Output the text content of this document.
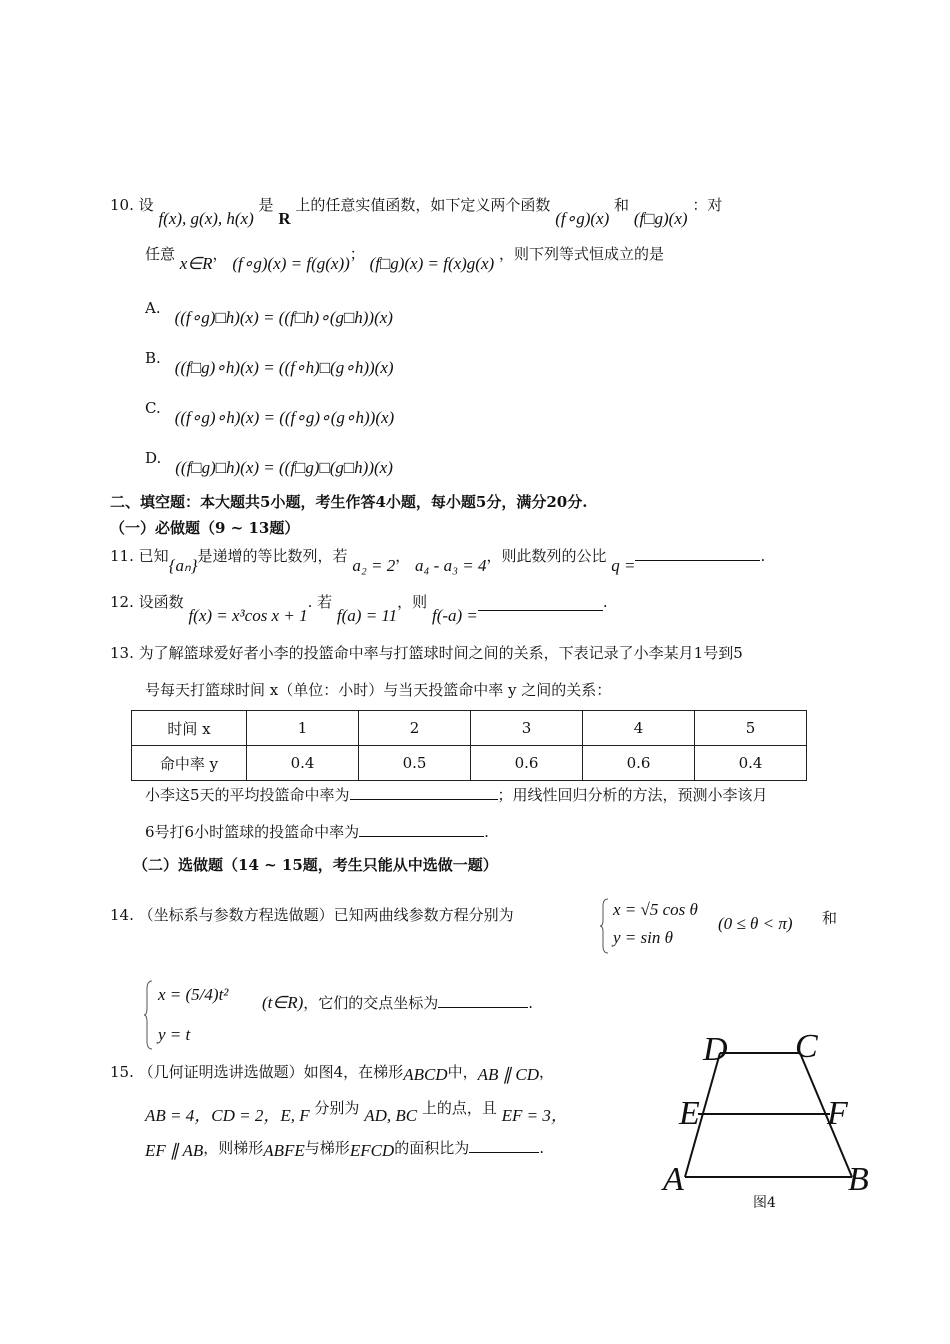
10. 设 f(x), g(x), h(x) 是 R 上的任意实值函数，如下定义两个函数 (f∘g)(x) 和 (f□g)(x) ：对
任意 x∈R， (f∘g)(x) = f(g(x))； (f□g)(x) = f(x)g(x) ，则下列等式恒成立的是
A. ((f∘g)□h)(x) = ((f□h)∘(g□h))(x)
B. ((f□g)∘h)(x) = ((f∘h)□(g∘h))(x)
C. ((f∘g)∘h)(x) = ((f∘g)∘(g∘h))(x)
D. ((f□g)□h)(x) = ((f□g)□(g□h))(x)
二、填空题：本大题共5小题，考生作答4小题，每小题5分，满分20分.
（一）必做题（9 ~ 13题）
11. 已知{aₙ}是递增的等比数列，若 a₂ = 2， a₄ - a₃ = 4，则此数列的公比 q =	.
12. 设函数 f(x) = x³cos x + 1. 若 f(a) = 11，则 f(-a) =.
13. 为了解篮球爱好者小李的投篮命中率与打篮球时间之间的关系，下表记录了小李某月1号到5
号每天打篮球时间 x（单位：小时）与当天投篮命中率 y 之间的关系：
时间 x	1	2	3	4	5
命中率 y	0.4	0.5	0.6	0.6	0.4
小李这5天的平均投篮命中率为	；用线性回归分析的方法，预测小李该月
6号打6小时篮球的投篮命中率为	.
（二）选做题（14 ~ 15题，考生只能从中选做一题）
14. （坐标系与参数方程选做题）已知两曲线参数方程分别为	x = √5 cos θ
y = sin θ
(0 ≤ θ < π) 和
x = (5/4)t²
y = t
(t∈R)，它们的交点坐标为	.
15. （几何证明选讲选做题）如图4，在梯形ABCD中，AB ∥ CD，
AB = 4，CD = 2，E, F 分别为 AD, BC 上的点，且 EF = 3，
EF ∥ AB，则梯形ABFE与梯形EFCD的面积比为	.
D C
E	F
A	B
图4
